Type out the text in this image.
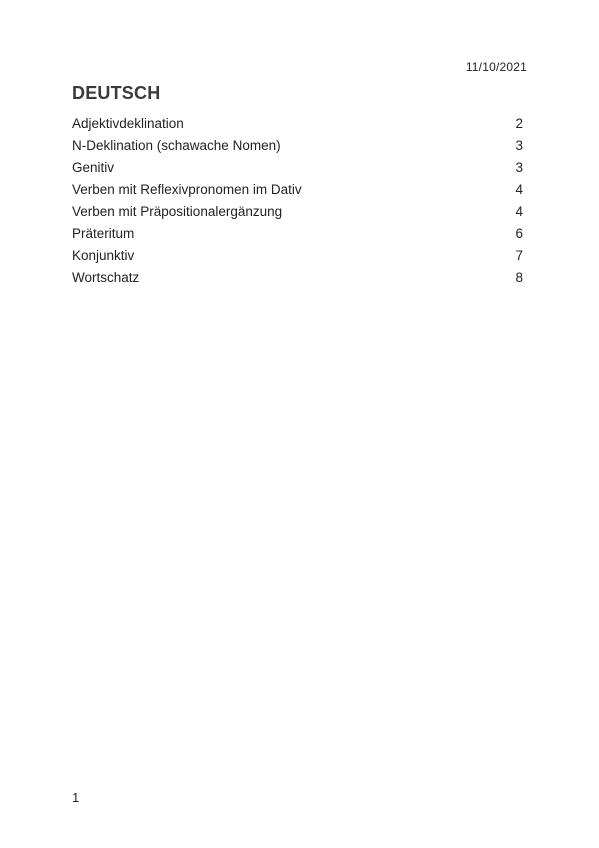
11/10/2021
DEUTSCH
Adjektivdeklination	2
N-Deklination (schawache Nomen)	3
Genitiv	3
Verben mit Reflexivpronomen im Dativ	4
Verben mit Präpositionalergänzung	4
Präteritum	6
Konjunktiv	7
Wortschatz	8
1
